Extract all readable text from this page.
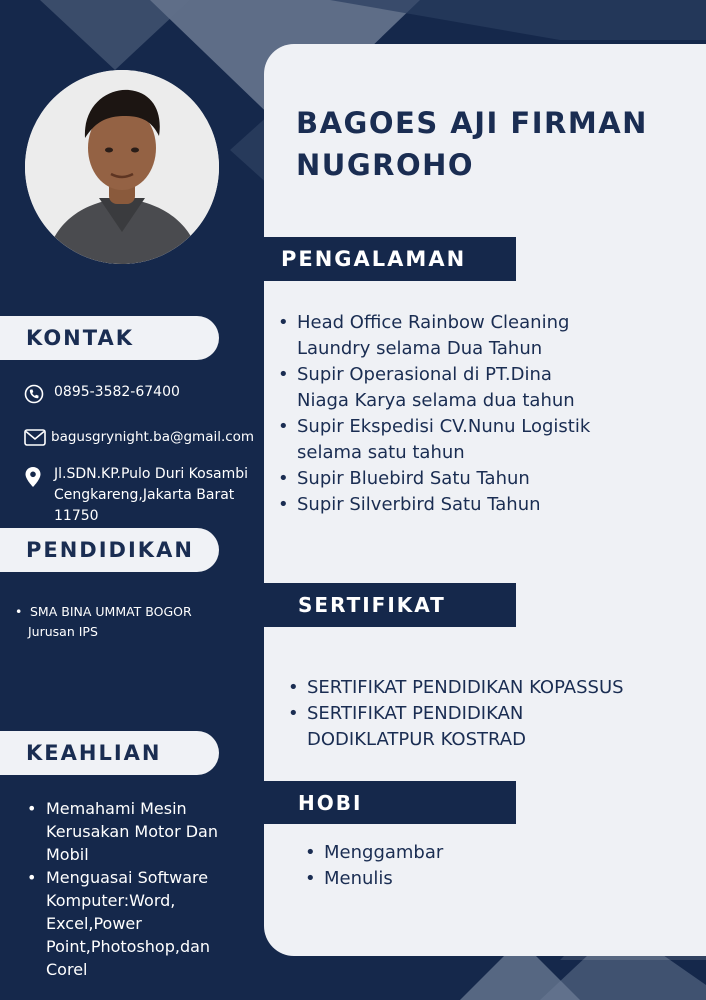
BAGOES AJI FIRMAN NUGROHO
KONTAK
0895-3582-67400
bagusgrynight.ba@gmail.com
Jl.SDN.KP.Pulo Duri Kosambi
Cengkareng,Jakarta Barat
11750
PENDIDIKAN
• SMA BINA UMMAT BOGOR
Jurusan IPS
KEAHLIAN
• Memahami Mesin
Kerusakan Motor Dan
Mobil
• Menguasai Software
Komputer:Word,
Excel,Power
Point,Photoshop,dan
Corel
PENGALAMAN
• Head Office Rainbow Cleaning
Laundry selama Dua Tahun
• Supir Operasional di PT.Dina
Niaga Karya selama dua tahun
• Supir Ekspedisi CV.Nunu Logistik
selama satu tahun
• Supir Bluebird Satu Tahun
• Supir Silverbird Satu Tahun
SERTIFIKAT
• SERTIFIKAT PENDIDIKAN KOPASSUS
• SERTIFIKAT PENDIDIKAN
DODIKLATPUR KOSTRAD
HOBI
• Menggambar
• Menulis
